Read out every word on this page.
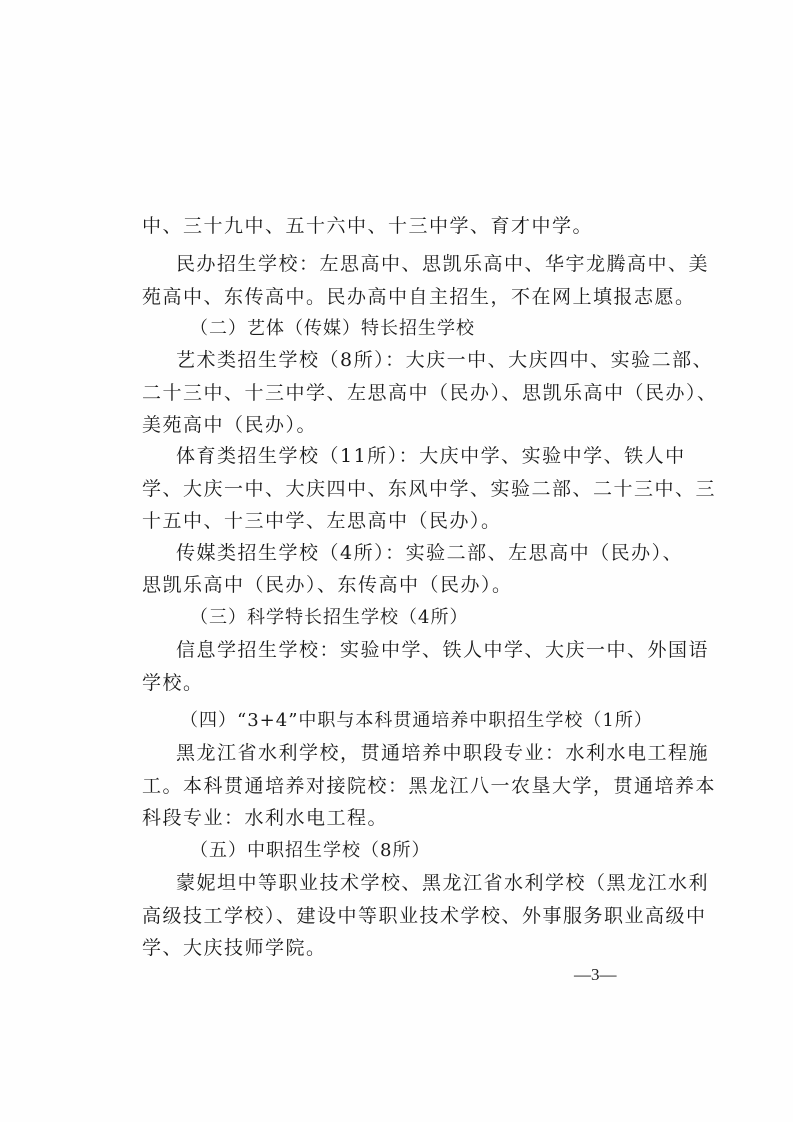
中、三十九中、五十六中、十三中学、育才中学。
民办招生学校：左思高中、思凯乐高中、华宇龙腾高中、美
苑高中、东传高中。民办高中自主招生，不在网上填报志愿。
（二）艺体（传媒）特长招生学校
艺术类招生学校（8所）：大庆一中、大庆四中、实验二部、
二十三中、十三中学、左思高中（民办）、思凯乐高中（民办）、
美苑高中（民办）。
体育类招生学校（11所）：大庆中学、实验中学、铁人中
学、大庆一中、大庆四中、东风中学、实验二部、二十三中、三
十五中、十三中学、左思高中（民办）。
传媒类招生学校（4所）：实验二部、左思高中（民办）、
思凯乐高中（民办）、东传高中（民办）。
（三）科学特长招生学校（4所）
信息学招生学校：实验中学、铁人中学、大庆一中、外国语
学校。
（四）“3+4”中职与本科贯通培养中职招生学校（1所）
黑龙江省水利学校，贯通培养中职段专业：水利水电工程施
工。本科贯通培养对接院校：黑龙江八一农垦大学，贯通培养本
科段专业：水利水电工程。
（五）中职招生学校（8所）
蒙妮坦中等职业技术学校、黑龙江省水利学校（黑龙江水利
高级技工学校）、建设中等职业技术学校、外事服务职业高级中
学、大庆技师学院。
—3—
